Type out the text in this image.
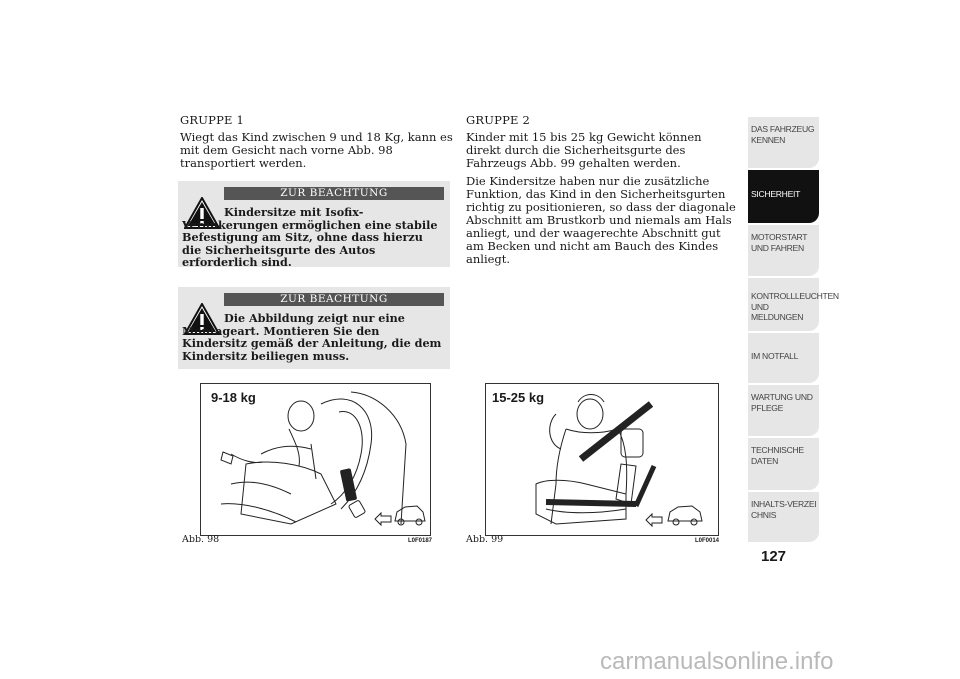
GRUPPE 1

Wiegt das Kind zwischen 9 und 18 Kg, kann es mit dem Gesicht nach vorne Abb. 98 transportiert werden.

ZUR BEACHTUNG
Kindersitze mit Isofix-Verankerungen ermöglichen eine stabile Befestigung am Sitz, ohne dass hierzu die Sicherheitsgurte des Autos erforderlich sind.
ZUR BEACHTUNG
Die Abbildung zeigt nur eine Montageart. Montieren Sie den Kindersitz gemäß der Anleitung, die dem Kindersitz beiliegen muss.
9-18 kg
Abb. 98	L0F0187
GRUPPE 2

Kinder mit 15 bis 25 kg Gewicht können direkt durch die Sicherheitsgurte des Fahrzeugs Abb. 99 gehalten werden.

Die Kindersitze haben nur die zusätzliche Funktion, das Kind in den Sicherheitsgurten richtig zu positionieren, so dass der diagonale Abschnitt am Brustkorb und niemals am Hals anliegt, und der waagerechte Abschnitt gut am Becken und nicht am Bauch des Kindes anliegt.

15-25 kg
Abb. 99	L0F0014
DAS FAHRZEUG KENNEN
SICHERHEIT
MOTORSTART UND FAHREN
KONTROLLLEUCHTEN UND MELDUNGEN
IM NOTFALL
WARTUNG UND PFLEGE
TECHNISCHE DATEN
INHALTS-VERZEICHNIS
127
carmanualsonline.info
